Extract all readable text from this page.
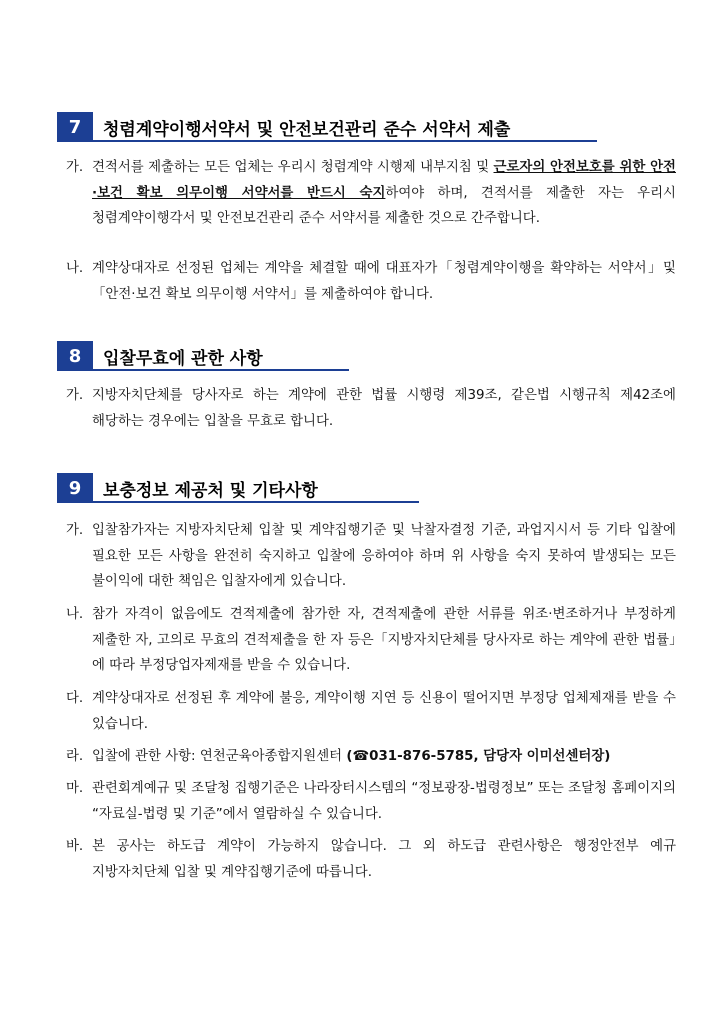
7	청렴계약이행서약서 및 안전보건관리 준수 서약서 제출
가. 견적서를 제출하는 모든 업체는 우리시 청렴계약 시행제 내부지침 및 근로자의 안전보호를 위한 안전·보건 확보 의무이행 서약서를 반드시 숙지하여야 하며, 견적서를 제출한 자는 우리시 청렴계약이행각서 및 안전보건관리 준수 서약서를 제출한 것으로 간주합니다.
나. 계약상대자로 선정된 업체는 계약을 체결할 때에 대표자가「청렴계약이행을 확약하는 서약서」및「안전·보건 확보 의무이행 서약서」를 제출하여야 합니다.
8	입찰무효에 관한 사항
가. 지방자치단체를 당사자로 하는 계약에 관한 법률 시행령 제39조, 같은법 시행규칙 제42조에 해당하는 경우에는 입찰을 무효로 합니다.
9	보충정보 제공처 및 기타사항
가. 입찰참가자는 지방자치단체 입찰 및 계약집행기준 및 낙찰자결정 기준, 과업지시서 등 기타 입찰에 필요한 모든 사항을 완전히 숙지하고 입찰에 응하여야 하며 위 사항을 숙지 못하여 발생되는 모든 불이익에 대한 책임은 입찰자에게 있습니다.
나. 참가 자격이 없음에도 견적제출에 참가한 자, 견적제출에 관한 서류를 위조·변조하거나 부정하게 제출한 자, 고의로 무효의 견적제출을 한 자 등은「지방자치단체를 당사자로 하는 계약에 관한 법률」에 따라 부정당업자제재를 받을 수 있습니다.
다. 계약상대자로 선정된 후 계약에 불응, 계약이행 지연 등 신용이 떨어지면 부정당 업체제재를 받을 수 있습니다.
라. 입찰에 관한 사항: 연천군육아종합지원센터 (☎031-876-5785, 담당자 이미선센터장)
마. 관련회계예규 및 조달청 집행기준은 나라장터시스템의 “정보광장-법령정보” 또는 조달청 홈페이지의 “자료실-법령 및 기준”에서 열람하실 수 있습니다.
바. 본 공사는 하도급 계약이 가능하지 않습니다. 그 외 하도급 관련사항은 행정안전부 예규 지방자치단체 입찰 및 계약집행기준에 따릅니다.
